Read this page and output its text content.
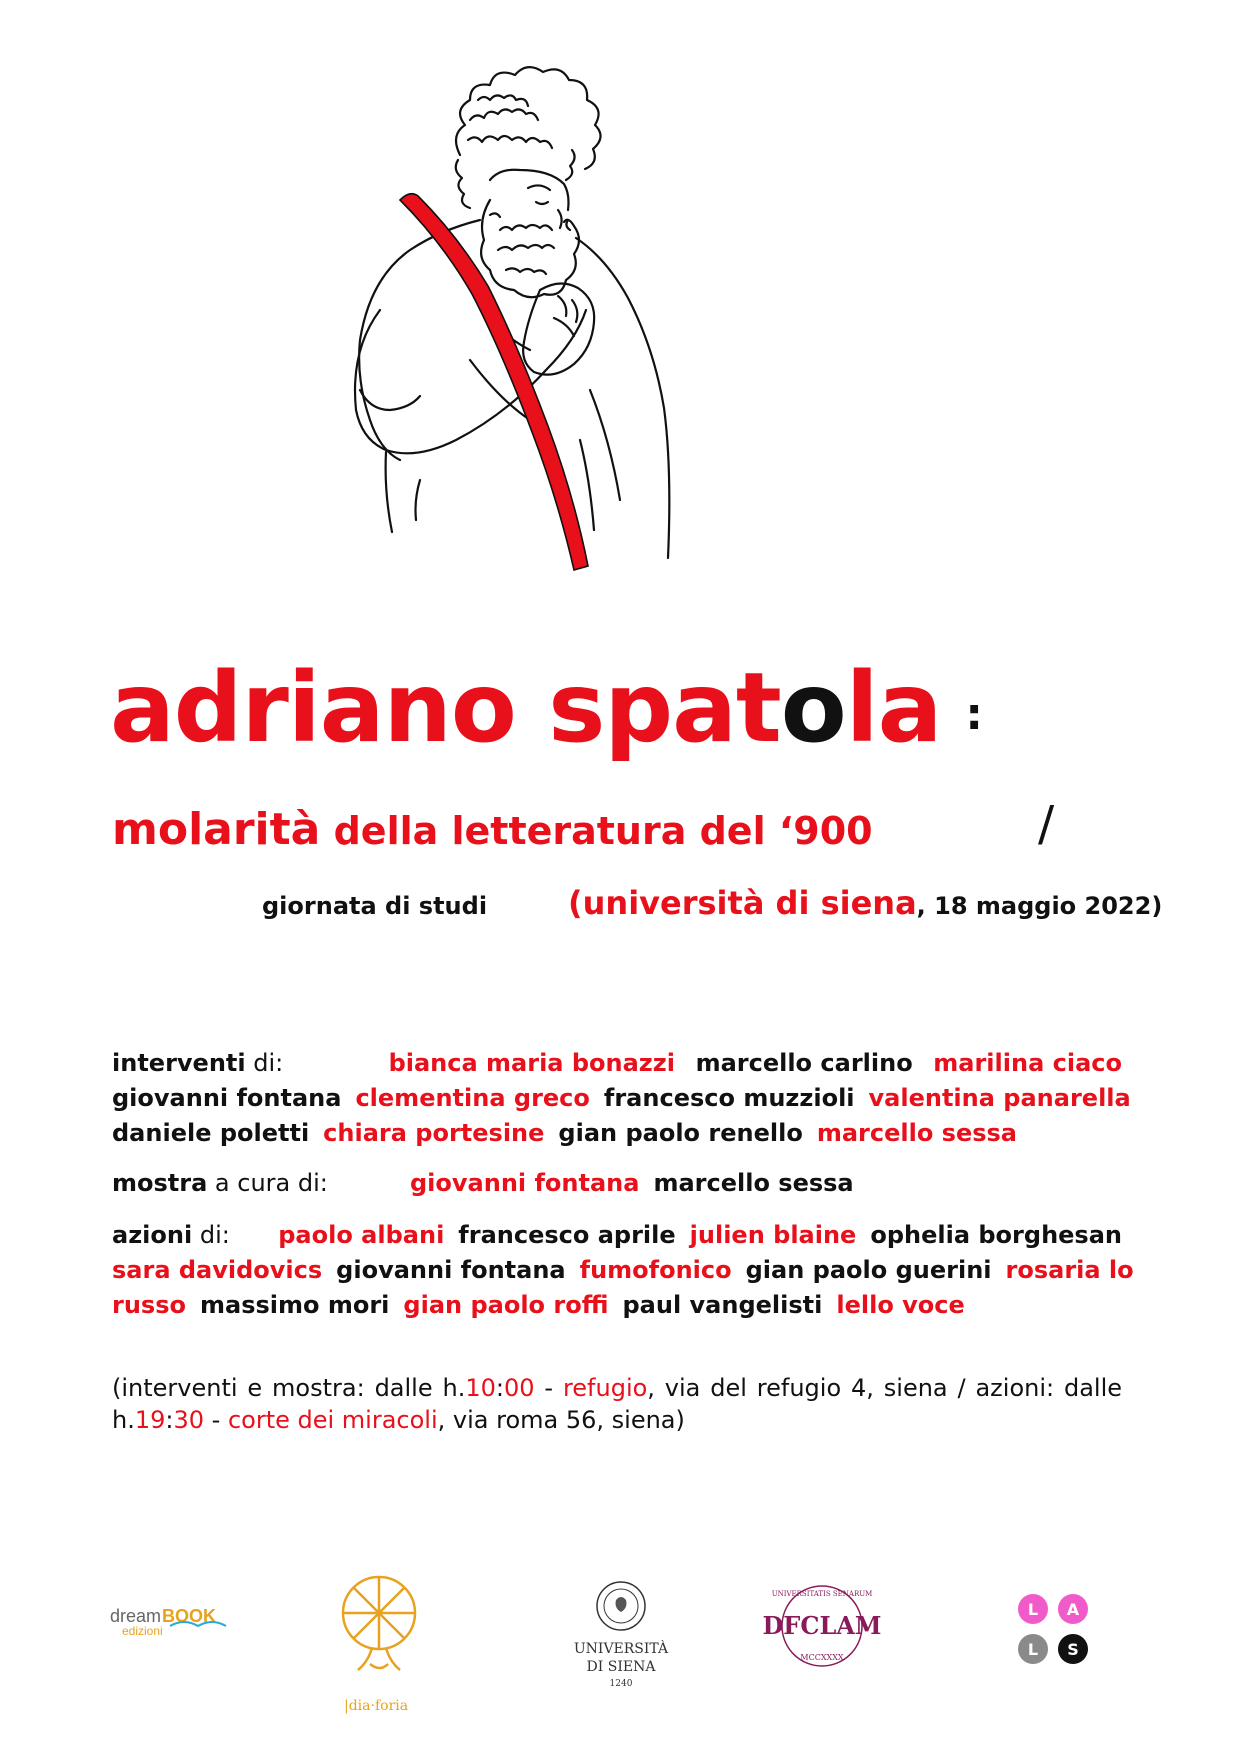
adriano spatola :
molarità della letteratura del ‘900	/
giornata di studi	(università di siena, 18 maggio 2022)
interventi di:	bianca maria bonazzi marcello carlino marilina ciaco
giovanni fontana clementina greco francesco muzzioli valentina panarella
daniele poletti chiara portesine gian paolo renello marcello sessa
mostra a cura di:	giovanni fontana marcello sessa
azioni di:	paolo albani francesco aprile julien blaine ophelia borghesan
sara davidovics giovanni fontana fumofonico gian paolo guerini rosaria lo
russo massimo mori gian paolo roffi paul vangelisti lello voce
(interventi e mostra: dalle h.10:00 - refugio, via del refugio 4, siena / azioni: dalle h.19:30 - corte dei miracoli, via roma 56, siena)
dream BOOK
edizioni
|dia·foria
UNIVERSITÀ
DI SIENA
1240
UNIVERSITATIS SENARUM
DFCLAM
MCCXXXX
L A
L S
